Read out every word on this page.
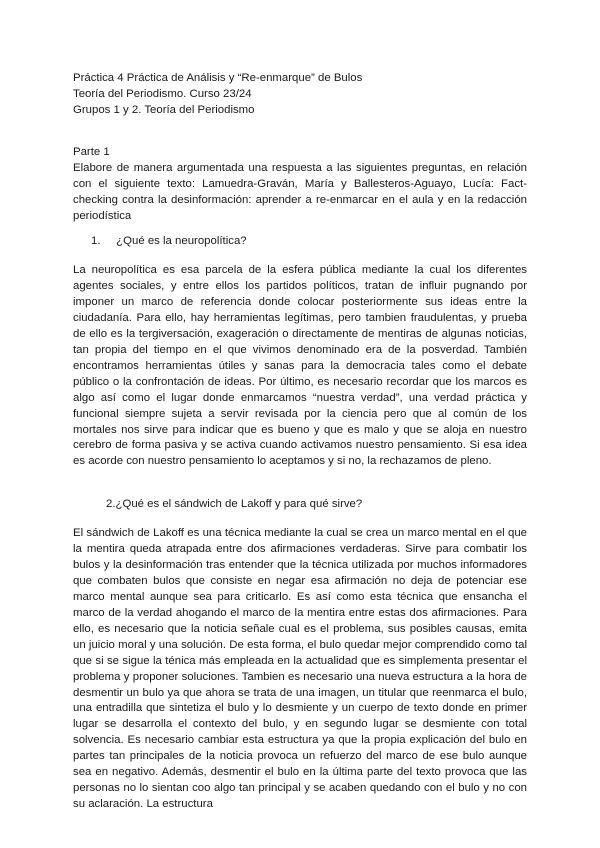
Práctica 4 Práctica de Análisis y “Re-enmarque” de Bulos
Teoría del Periodismo. Curso 23/24
Grupos 1 y 2. Teoría del Periodismo
Parte 1
Elabore de manera argumentada una respuesta a las siguientes preguntas, en relación con el siguiente texto: Lamuedra-Graván, María y Ballesteros-Aguayo, Lucía: Fact-checking contra la desinformación: aprender a re-enmarcar en el aula y en la redacción periodística
1. ¿Qué es la neuropolítica?
La neuropolítica es esa parcela de la esfera pública mediante la cual los diferentes agentes sociales, y entre ellos los partidos políticos, tratan de influir pugnando por imponer un marco de referencia donde colocar posteriormente sus ideas entre la ciudadanía. Para ello, hay herramientas legítimas, pero tambien fraudulentas, y prueba de ello es la tergiversación, exageración o directamente de mentiras de algunas noticias, tan propia del tiempo en el que vivimos denominado era de la posverdad. También encontramos herramientas útiles y sanas para la democracia tales como el debate público o la confrontación de ideas. Por último, es necesario recordar que los marcos es algo así como el lugar donde enmarcamos “nuestra verdad”, una verdad práctica y funcional siempre sujeta a servir revisada por la ciencia pero que al común de los mortales nos sirve para indicar que es bueno y que es malo y que se aloja en nuestro cerebro de forma pasiva y se activa cuando activamos nuestro pensamiento. Si esa idea es acorde con nuestro pensamiento lo aceptamos y si no, la rechazamos de pleno.
2.¿Qué es el sándwich de Lakoff y para qué sirve?
El sándwich de Lakoff es una técnica mediante la cual se crea un marco mental en el que la mentira queda atrapada entre dos afirmaciones verdaderas. Sirve para combatir los bulos y la desinformación tras entender que la técnica utilizada por muchos informadores que combaten bulos que consiste en negar esa afirmación no deja de potenciar ese marco mental aunque sea para criticarlo. Es así como esta técnica que ensancha el marco de la verdad ahogando el marco de la mentira entre estas dos afirmaciones. Para ello, es necesario que la noticia señale cual es el problema, sus posibles causas, emita un juicio moral y una solución. De esta forma, el bulo quedar mejor comprendido como tal que si se sigue la ténica más empleada en la actualidad que es simplementa presentar el problema y proponer soluciones. Tambien es necesario una nueva estructura a la hora de desmentir un bulo ya que ahora se trata de una imagen, un titular que reenmarca el bulo, una entradilla que sintetiza el bulo y lo desmiente y un cuerpo de texto donde en primer lugar se desarrolla el contexto del bulo, y en segundo lugar se desmiente con total solvencia. Es necesario cambiar esta estructura ya que la propia explicación del bulo en partes tan principales de la noticia provoca un refuerzo del marco de ese bulo aunque sea en negativo. Además, desmentir el bulo en la última parte del texto provoca que las personas no lo sientan coo algo tan principal y se acaben quedando con el bulo y no con su aclaración. La estructura
